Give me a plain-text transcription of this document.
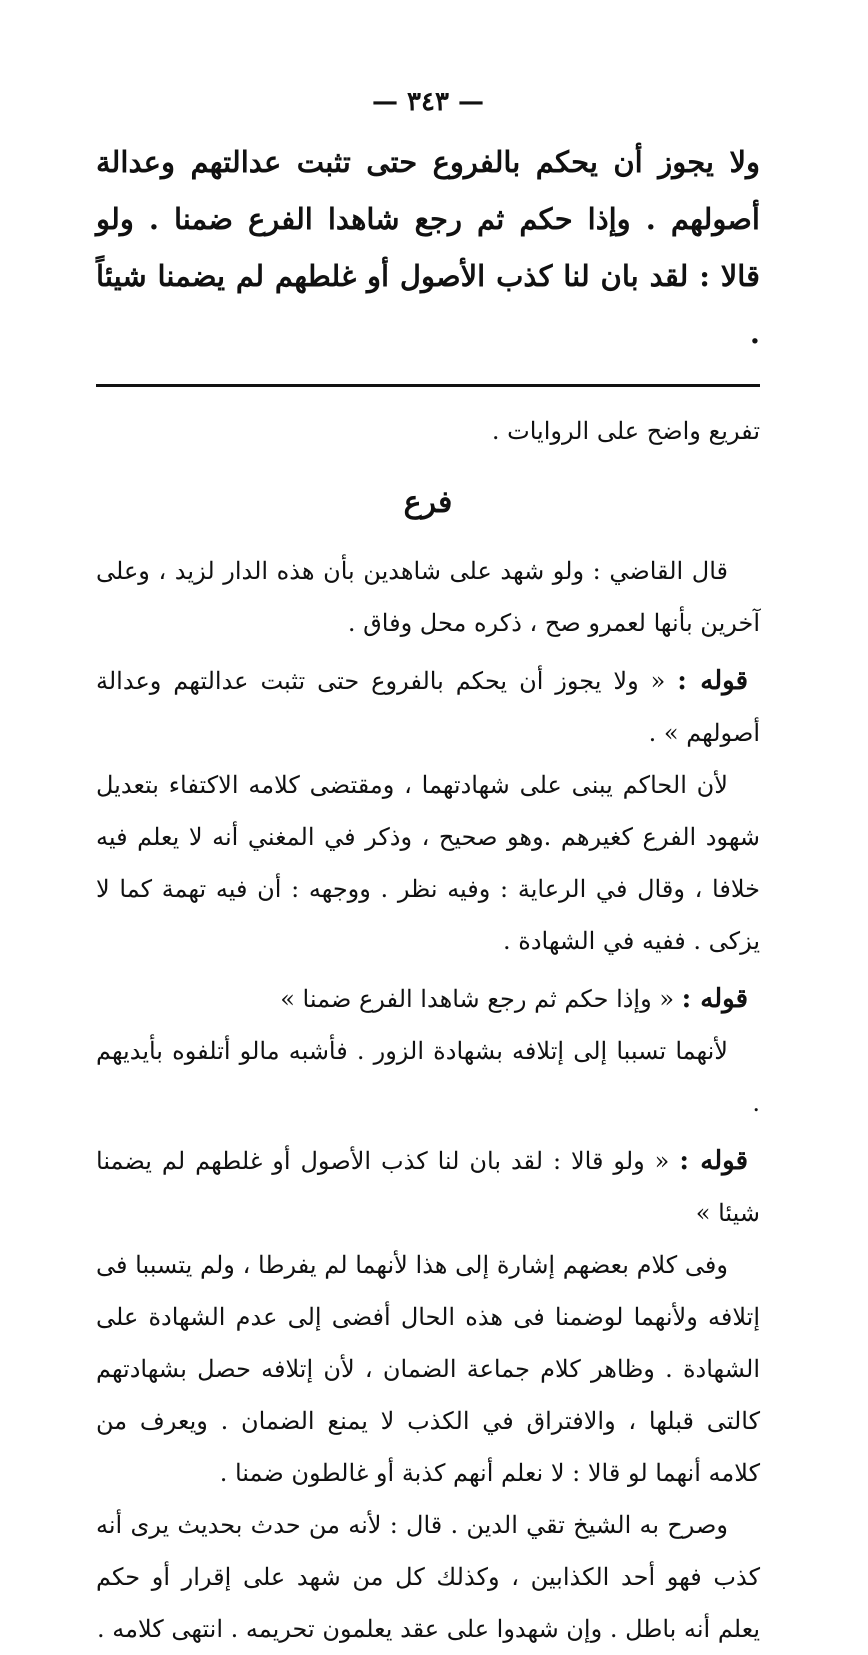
— ٣٤٣ —
ولا يجوز أن يحكم بالفروع حتى تثبت عدالتهم وعدالة أصولهم . وإذا حكم ثم رجع شاهدا الفرع ضمنا . ولو قالا : لقد بان لنا كذب الأصول أو غلطهم لم يضمنا شيئاً .

تفريع واضح على الروايات .

فرع

قال القاضي : ولو شهد على شاهدين بأن هذه الدار لزيد ، وعلى آخرين بأنها لعمرو صح ، ذكره محل وفاق .

قوله : « ولا يجوز أن يحكم بالفروع حتى تثبت عدالتهم وعدالة أصولهم » .

لأن الحاكم يبنى على شهادتهما ، ومقتضى كلامه الاكتفاء بتعديل شهود الفرع كغيرهم .وهو صحيح ، وذكر في المغني أنه لا يعلم فيه خلافا ، وقال في الرعاية : وفيه نظر . ووجهه : أن فيه تهمة كما لا يزكى . ففيه في الشهادة .

قوله : « وإذا حكم ثم رجع شاهدا الفرع ضمنا »

لأنهما تسببا إلى إتلافه بشهادة الزور . فأشبه مالو أتلفوه بأيديهم .

قوله : « ولو قالا : لقد بان لنا كذب الأصول أو غلطهم لم يضمنا شيئا »

وفى كلام بعضهم إشارة إلى هذا لأنهما لم يفرطا ، ولم يتسببا فى إتلافه ولأنهما لوضمنا فى هذه الحال أفضى إلى عدم الشهادة على الشهادة . وظاهر كلام جماعة الضمان ، لأن إتلافه حصل بشهادتهم كالتى قبلها ، والافتراق في الكذب لا يمنع الضمان . ويعرف من كلامه أنهما لو قالا : لا نعلم أنهم كذبة أو غالطون ضمنا .

وصرح به الشيخ تقي الدين . قال : لأنه من حدث بحديث يرى أنه كذب فهو أحد الكذابين ، وكذلك كل من شهد على إقرار أو حكم يعلم أنه باطل . وإن شهدوا على عقد يعلمون تحريمه . انتهى كلامه .
